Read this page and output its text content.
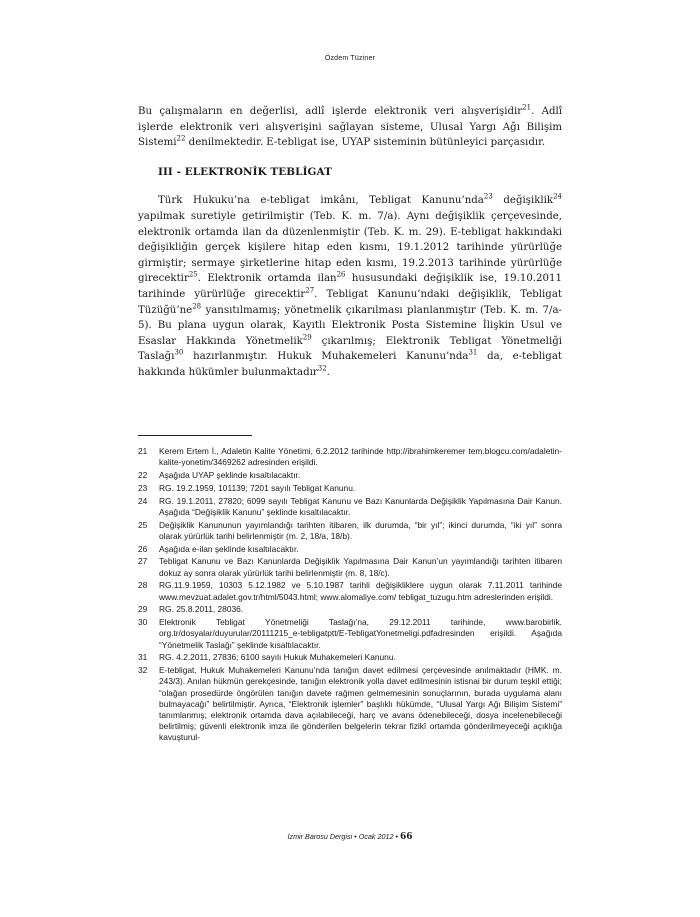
Özdem Tüziner

Bu çalışmaların en değerlisi, adlî işlerde elektronik veri alışverişidir$^{21}$. Adlî işlerde elektronik veri alışverişini sağlayan sisteme, Ulusal Yargı Ağı Bilişim Sistemi$^{22}$ denilmektedir. E-tebligat ise, UYAP sisteminin bütünleyici parçasıdır.

III - ELEKTRONİK TEBLİGAT

Türk Hukuku’na e-tebligat imkânı, Tebligat Kanunu’nda$^{23}$ değişiklik$^{24}$ yapılmak suretiyle getirilmiştir (Teb. K. m. 7/a). Aynı değişiklik çerçevesinde, elektronik ortamda ilan da düzenlenmiştir (Teb. K. m. 29). E-tebligat hakkındaki değişikliğin gerçek kişilere hitap eden kısmı, 19.1.2012 tarihinde yürürlüğe girmiştir; sermaye şirketlerine hitap eden kısmı, 19.2.2013 tarihinde yürürlüğe girecektir$^{25}$. Elektronik ortamda ilan$^{26}$ hususundaki değişiklik ise, 19.10.2011 tarihinde yürürlüğe girecektir$^{27}$. Tebligat Kanunu’ndaki değişiklik, Tebligat $Tüzüğü’ne^{28}$ yansıtılmamış; yönetmelik çıkarılması planlanmıştır (Teb. K. m. 7/a-5). Bu plana uygun olarak, Kayıtlı Elektronik Posta Sistemine İlişkin Usul ve Esaslar Hakkında Yönetmelik$^{29}$ çıkarılmış; Elektronik Tebligat Yönetmeliği Taslağı$^{30}$ hazırlanmıştır. Hukuk Muhakemeleri Kanunu’nda$^{31}$ da, e-tebligat hakkında hükümler bulunmaktadır$^{32}$.

21	Kerem Ertem İ., Adaletin Kalite Yönetimi, 6.2.2012 tarihinde http://ibrahimkeremer tem.blogcu.com/adaletin-kalite-yonetim/3469262 adresinden erişildi.
22	Aşağıda UYAP şeklinde kısaltılacaktır.
23	RG. 19.2.1959, 101139; 7201 sayılı Tebligat Kanunu.
24	RG. 19.1.2011, 27820; 6099 sayılı Tebligat Kanunu ve Bazı Kanunlarda Değişiklik Yapılmasına Dair Kanun. Aşağıda “Değişiklik Kanunu” şeklinde kısaltılacaktır.
25	Değişiklik Kanununun yayımlandığı tarihten itibaren, ilk durumda, “bir yıl”; ikinci durumda, “iki yıl” sonra olarak yürürlük tarihi belirlenmiştir (m. 2, 18/a, 18/b).
26	Aşağıda e-ilan şeklinde kısaltılacaktır.
27	Tebligat Kanunu ve Bazı Kanunlarda Değişiklik Yapılmasına Dair Kanun’un yayımlandığı tarihten itibaren dokuz ay sonra olarak yürürlük tarihi belirlenmiştir (m. 8, 18/c).
28	RG.11.9.1959, 10303 5.12.1982 ve 5.10.1987 tarihli değişikliklere uygun olarak 7.11.2011 tarihinde www.mevzuat.adalet.gov.tr/html/5043.html; www.alomaliye.com/ tebligat_tuzugu.htm adreslerinden erişildi.
29	RG. 25.8.2011, 28036.
30	Elektronik Tebligat Yönetmeliği Taslağı’na, 29.12.2011 tarihinde, www.barobirlik. org.tr/dosyalar/duyurular/20111215_e-tebligatptt/E-TebligatYonetmeligi.pdfadresinden erişildi. Aşağıda “Yönetmelik Taslağı” şeklinde kısaltılacaktır.
31	RG. 4.2.2011, 27836; 6100 sayılı Hukuk Muhakemeleri Kanunu.
32	E-tebligat, Hukuk Muhakemeleri Kanunu’nda tanığın davet edilmesi çerçevesinde anılmaktadır (HMK. m. 243/3). Anılan hükmün gerekçesinde, tanığın elektronik yolla davet edilmesinin istisnai bir durum teşkil ettiği; “olağan prosedürde öngörülen tanığın davete rağmen gelmemesinin sonuçlarının, burada uygulama alanı bulmayacağı” belirtilmiştir. Ayrıca, “Elektronik işlemler” başlıklı hükümde, “Ulusal Yargı Ağı Bilişim Sistemi” tanımlanmış; elektronik ortamda dava açılabileceği, harç ve avans ödenebileceği, dosya incelenebileceği belirtilmiş; güvenli elektronik imza ile gönderilen belgelerin tekrar fizikî ortamda gönderilmeyeceği açıklığa kavuşturul-
İzmir Barosu Dergisi • Ocak 2012 • 66
